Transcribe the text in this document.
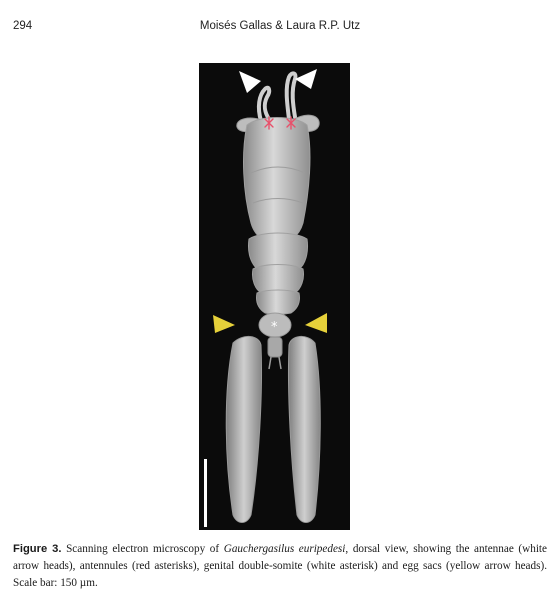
294	Moisés Gallas & Laura R.P. Utz
*

Figure 3. Scanning electron microscopy of Gauchergasilus euripedesi, dorsal view, showing the antennae (white arrow heads), antennules (red asterisks), genital double-somite (white asterisk) and egg sacs (yellow arrow heads). Scale bar: 150 µm.
